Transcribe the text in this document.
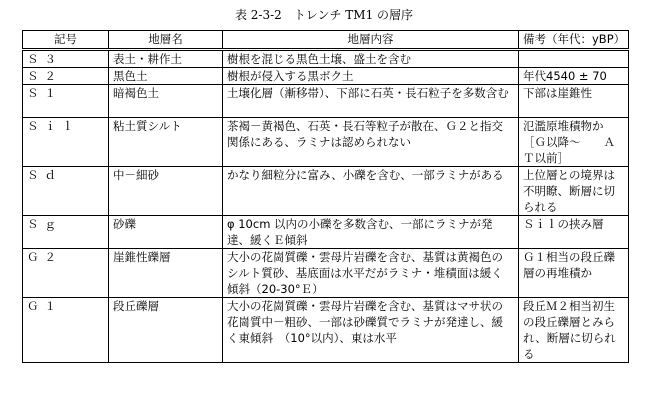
表 2-3-2　トレンチ TM1 の層序
記号	地層名	地層内容	備考（年代：yBP）
Ｓ３	表土・耕作土	樹根を混じる黒色土壌、盛土を含む	
Ｓ２	黒色土	樹根が侵入する黒ボク土	年代4540 ± 70
Ｓ１	暗褐色土	土壌化層（漸移帯）、下部に石英・長石粒子を多数含む	下部は崖錐性
Ｓｉｌ	粘土質シルト	茶褐－黄褐色、石英・長石等粒子が散在、Ｇ２と指交関係にある、ラミナは認められない	氾濫原堆積物か［Ｇ以降～　　ＡＴ以前］
Ｓｄ	中－細砂	かなり細粒分に富み、小礫を含む、一部ラミナがある	上位層との境界は不明瞭、断層に切られる
Ｓｇ	砂礫	φ 10cm 以内の小礫を多数含む、一部にラミナが発達、緩くＥ傾斜	Ｓｉｌの挟み層
Ｇ２	崖錐性礫層	大小の花崗質礫・雲母片岩礫を含む、基質は黄褐色のシルト質砂、基底面は水平だがラミナ・堆積面は緩く傾斜（20-30°Ｅ）	Ｇ１相当の段丘礫層の再堆積か
Ｇ１	段丘礫層	大小の花崗質礫・雲母片岩礫を含む、基質はマサ状の花崗質中－粗砂、一部は砂礫質でラミナが発達し、緩く東傾斜　（10°以内）、東は水平	段丘Ｍ２相当初生の段丘礫層とみられ、断層に切られる
